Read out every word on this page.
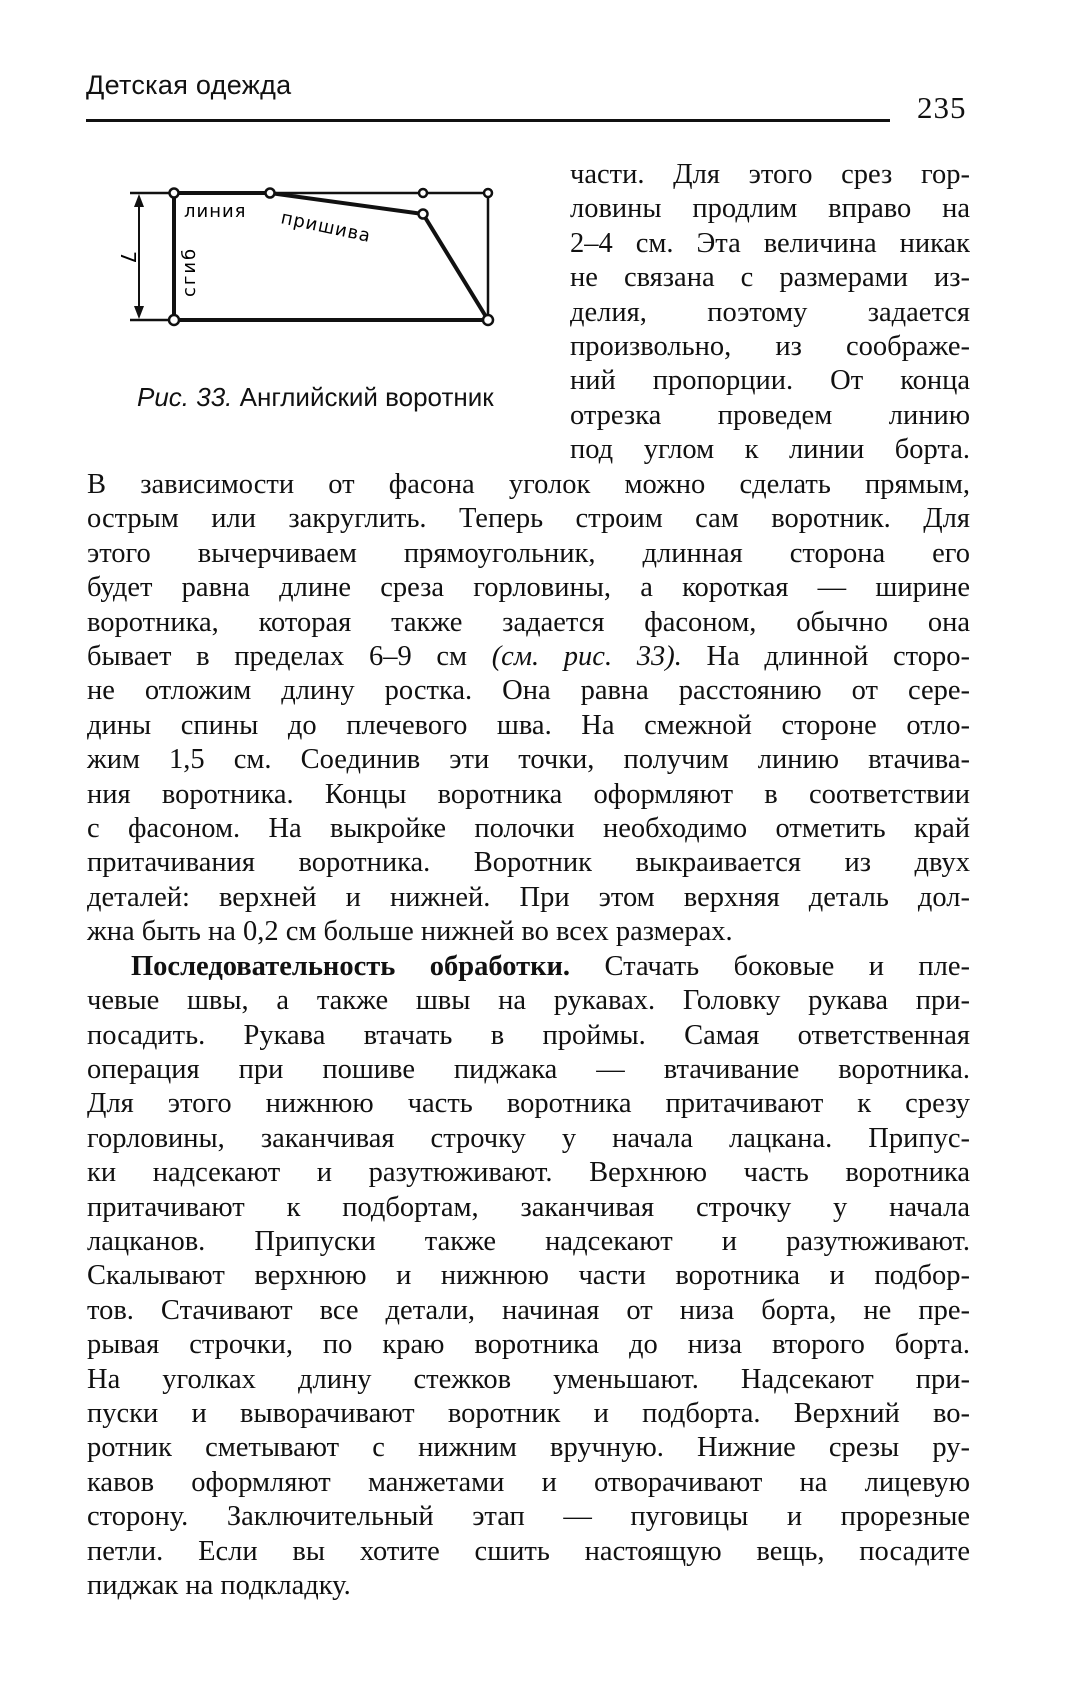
Детская одежда
235
линия пришива
сгиб
7
Рис. 33. Английский воротник
части. Для этого срез гор-
ловины продлим вправо на
2–4 см. Эта величина никак
не связана с размерами из-
делия, поэтому задается
произвольно, из соображе-
ний пропорции. От конца
отрезка проведем линию
под углом к линии борта.
В зависимости от фасона уголок можно сделать прямым,
острым или закруглить. Теперь строим сам воротник. Для
этого вычерчиваем прямоугольник, длинная сторона его
будет равна длине среза горловины, а короткая — ширине
воротника, которая также задается фасоном, обычно она
бывает в пределах 6–9 см (см. рис. 33). На длинной сторо-
не отложим длину ростка. Она равна расстоянию от сере-
дины спины до плечевого шва. На смежной стороне отло-
жим 1,5 см. Соединив эти точки, получим линию втачива-
ния воротника. Концы воротника оформляют в соответствии
с фасоном. На выкройке полочки необходимо отметить край
притачивания воротника. Воротник выкраивается из двух
деталей: верхней и нижней. При этом верхняя деталь дол-
жна быть на 0,2 см больше нижней во всех размерах.
Последовательность обработки. Стачать боковые и пле-
чевые швы, а также швы на рукавах. Головку рукава при-
посадить. Рукава втачать в проймы. Самая ответственная
операция при пошиве пиджака — втачивание воротника.
Для этого нижнюю часть воротника притачивают к срезу
горловины, заканчивая строчку у начала лацкана. Припус-
ки надсекают и разутюживают. Верхнюю часть воротника
притачивают к подбортам, заканчивая строчку у начала
лацканов. Припуски также надсекают и разутюживают.
Скалывают верхнюю и нижнюю части воротника и подбор-
тов. Стачивают все детали, начиная от низа борта, не пре-
рывая строчки, по краю воротника до низа второго борта.
На уголках длину стежков уменьшают. Надсекают при-
пуски и выворачивают воротник и подборта. Верхний во-
ротник сметывают с нижним вручную. Нижние срезы ру-
кавов оформляют манжетами и отворачивают на лицевую
сторону. Заключительный этап — пуговицы и прорезные
петли. Если вы хотите сшить настоящую вещь, посадите
пиджак на подкладку.
